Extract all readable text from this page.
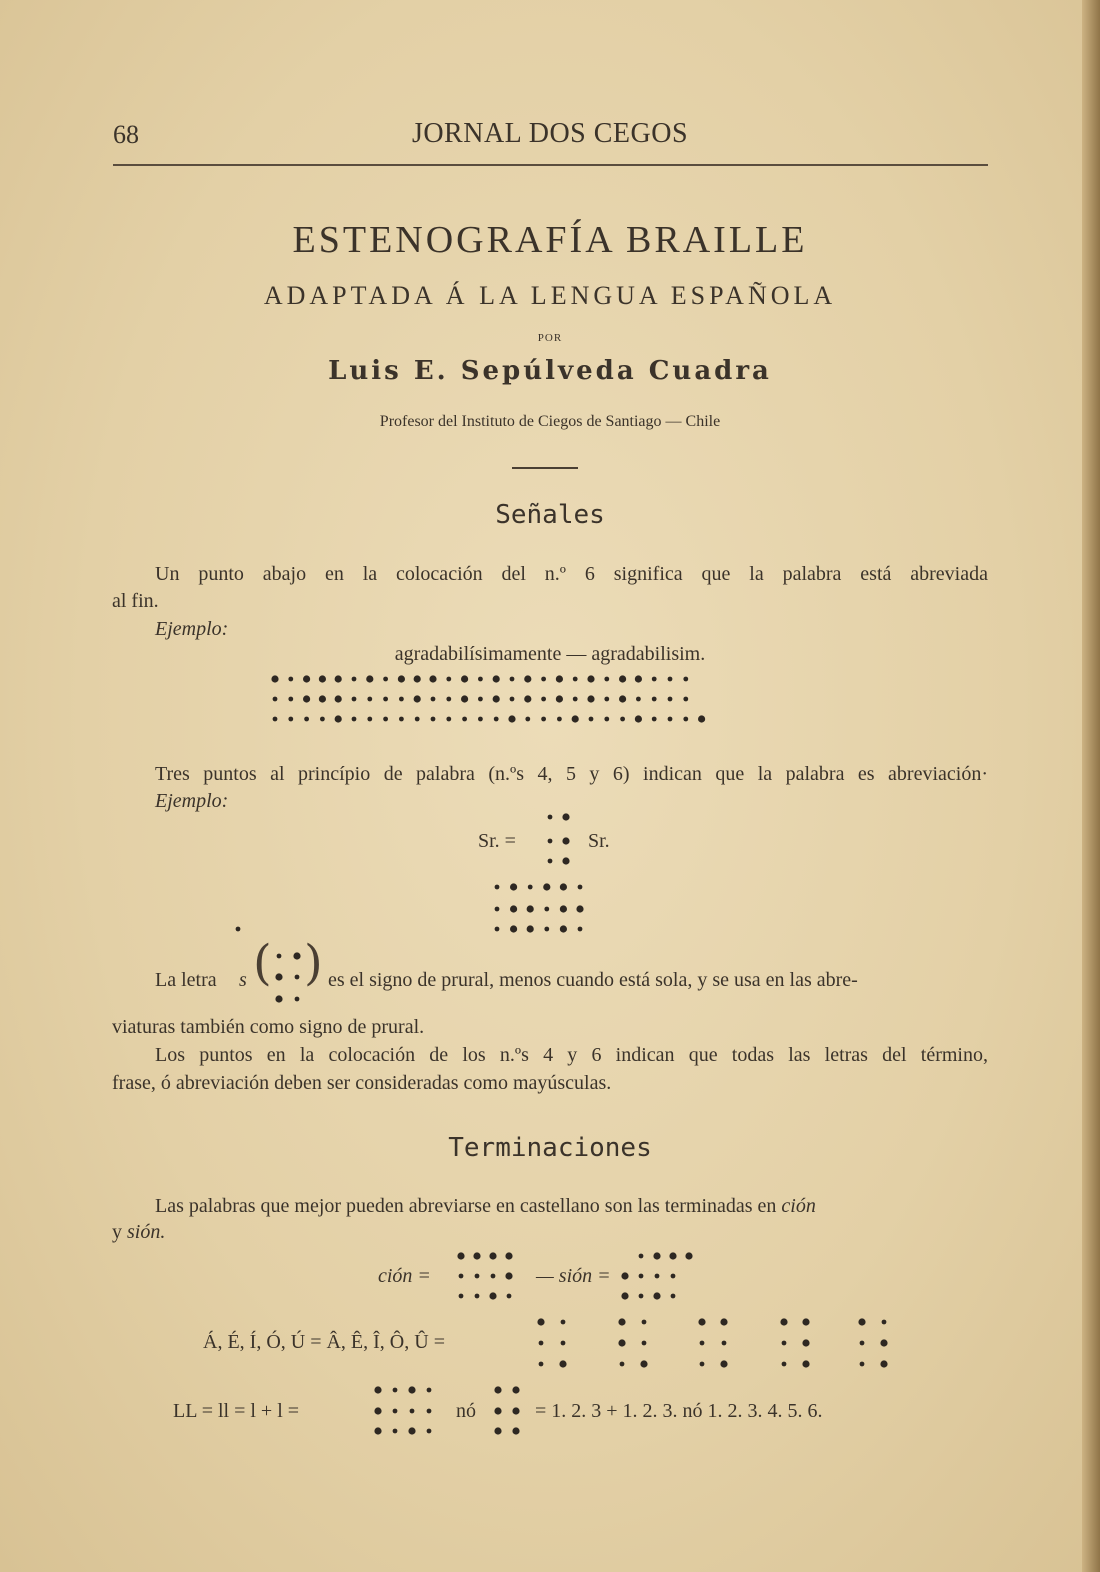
68	JORNAL DOS CEGOS
ESTENOGRAFÍA BRAILLE
ADAPTADA Á LA LENGUA ESPAÑOLA
POR
Luis E. Sepúlveda Cuadra
Profesor del Instituto de Ciegos de Santiago — Chile
Señales
Un punto abajo en la colocación del n.º 6 significa que la palabra está abreviada
al fin.
Ejemplo:
agradabilísimamente — agradabilisim.
Tres puntos al princípio de palabra (n.ºs 4, 5 y 6) indican que la palabra es abreviación·
Ejemplo:
Sr. =	Sr.
La letra	s ( ) es el signo de prural, menos cuando está sola, y se usa en las abre-
viaturas también como signo de prural.
Los puntos en la colocación de los n.ºs 4 y 6 indican que todas las letras del término,
frase, ó abreviación deben ser consideradas como mayúsculas.
Terminaciones
Las palabras que mejor pueden abreviarse en castellano son las terminadas en ción
y sión.
ción =	— sión =
Á, É, Í, Ó, Ú = Â, Ê, Î, Ô, Û =
LL = ll = l + l =	nó	= 1. 2. 3 + 1. 2. 3. nó 1. 2. 3. 4. 5. 6.
